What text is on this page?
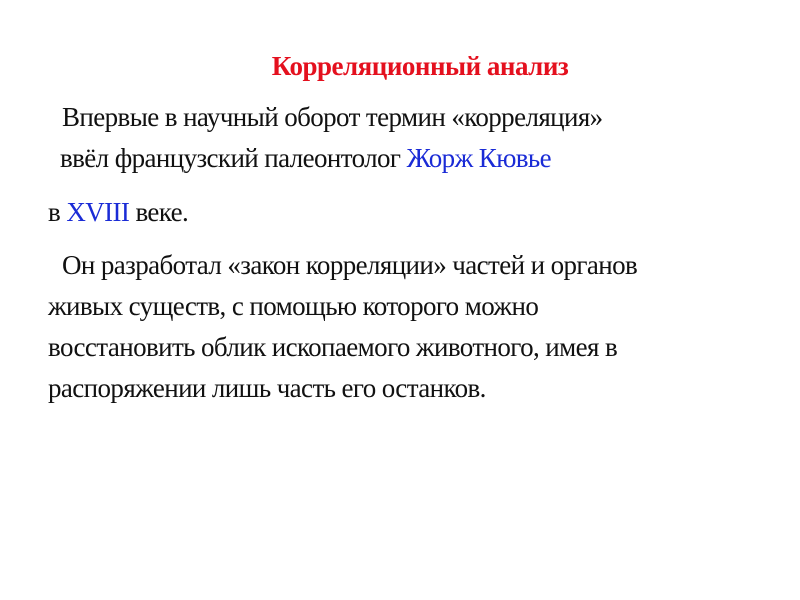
Корреляционный анализ
Впервые в научный оборот термин «корреляция»
ввёл французский палеонтолог Жорж Кювье
в XVIII веке.
Он разработал «закон корреляции» частей и органов
живых существ, с помощью которого можно
восстановить облик ископаемого животного, имея в
распоряжении лишь часть его останков.
